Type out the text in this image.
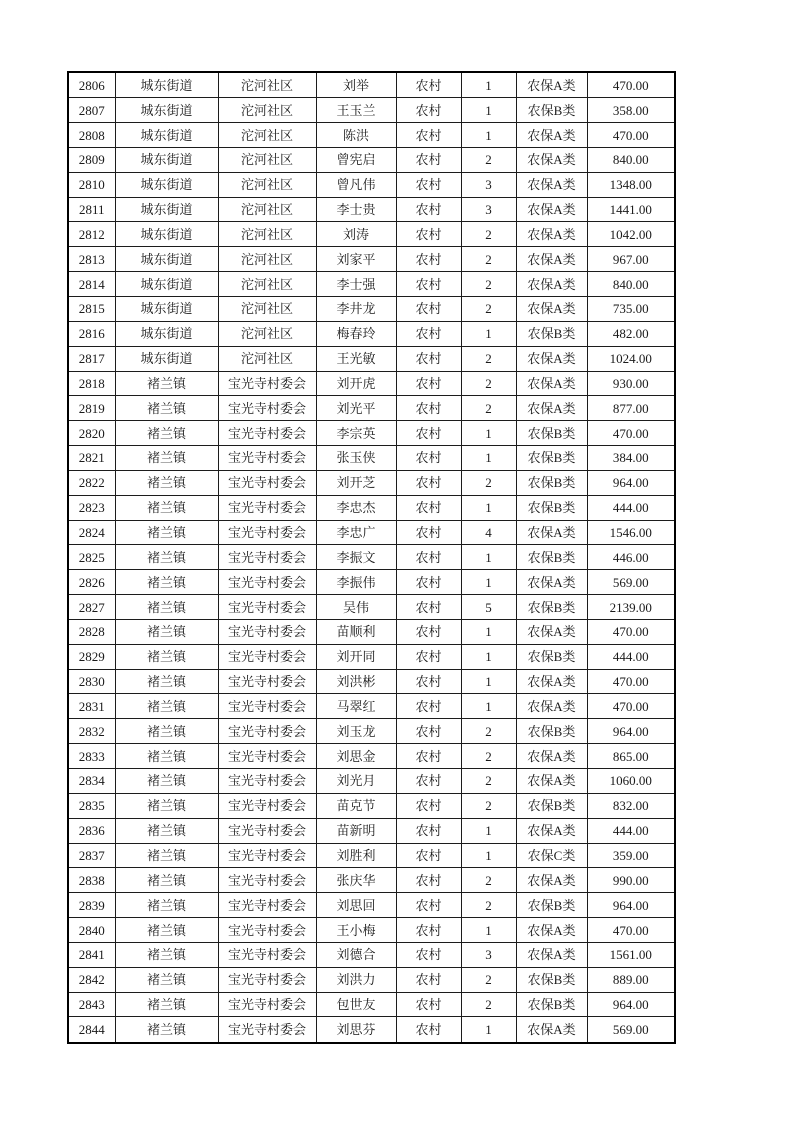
2806	城东街道	沱河社区	刘举	农村	1	农保A类	470.00
2807	城东街道	沱河社区	王玉兰	农村	1	农保B类	358.00
2808	城东街道	沱河社区	陈洪	农村	1	农保A类	470.00
2809	城东街道	沱河社区	曾宪启	农村	2	农保A类	840.00
2810	城东街道	沱河社区	曾凡伟	农村	3	农保A类	1348.00
2811	城东街道	沱河社区	李士贵	农村	3	农保A类	1441.00
2812	城东街道	沱河社区	刘涛	农村	2	农保A类	1042.00
2813	城东街道	沱河社区	刘家平	农村	2	农保A类	967.00
2814	城东街道	沱河社区	李士强	农村	2	农保A类	840.00
2815	城东街道	沱河社区	李井龙	农村	2	农保A类	735.00
2816	城东街道	沱河社区	梅春玲	农村	1	农保B类	482.00
2817	城东街道	沱河社区	王光敏	农村	2	农保A类	1024.00
2818	褚兰镇	宝光寺村委会	刘开虎	农村	2	农保A类	930.00
2819	褚兰镇	宝光寺村委会	刘光平	农村	2	农保A类	877.00
2820	褚兰镇	宝光寺村委会	李宗英	农村	1	农保B类	470.00
2821	褚兰镇	宝光寺村委会	张玉侠	农村	1	农保B类	384.00
2822	褚兰镇	宝光寺村委会	刘开芝	农村	2	农保B类	964.00
2823	褚兰镇	宝光寺村委会	李忠杰	农村	1	农保B类	444.00
2824	褚兰镇	宝光寺村委会	李忠广	农村	4	农保A类	1546.00
2825	褚兰镇	宝光寺村委会	李振文	农村	1	农保B类	446.00
2826	褚兰镇	宝光寺村委会	李振伟	农村	1	农保A类	569.00
2827	褚兰镇	宝光寺村委会	吴伟	农村	5	农保B类	2139.00
2828	褚兰镇	宝光寺村委会	苗顺利	农村	1	农保A类	470.00
2829	褚兰镇	宝光寺村委会	刘开同	农村	1	农保B类	444.00
2830	褚兰镇	宝光寺村委会	刘洪彬	农村	1	农保A类	470.00
2831	褚兰镇	宝光寺村委会	马翠红	农村	1	农保A类	470.00
2832	褚兰镇	宝光寺村委会	刘玉龙	农村	2	农保B类	964.00
2833	褚兰镇	宝光寺村委会	刘思金	农村	2	农保A类	865.00
2834	褚兰镇	宝光寺村委会	刘光月	农村	2	农保A类	1060.00
2835	褚兰镇	宝光寺村委会	苗克节	农村	2	农保B类	832.00
2836	褚兰镇	宝光寺村委会	苗新明	农村	1	农保A类	444.00
2837	褚兰镇	宝光寺村委会	刘胜利	农村	1	农保C类	359.00
2838	褚兰镇	宝光寺村委会	张庆华	农村	2	农保A类	990.00
2839	褚兰镇	宝光寺村委会	刘思回	农村	2	农保B类	964.00
2840	褚兰镇	宝光寺村委会	王小梅	农村	1	农保A类	470.00
2841	褚兰镇	宝光寺村委会	刘德合	农村	3	农保A类	1561.00
2842	褚兰镇	宝光寺村委会	刘洪力	农村	2	农保B类	889.00
2843	褚兰镇	宝光寺村委会	包世友	农村	2	农保B类	964.00
2844	褚兰镇	宝光寺村委会	刘思芬	农村	1	农保A类	569.00
